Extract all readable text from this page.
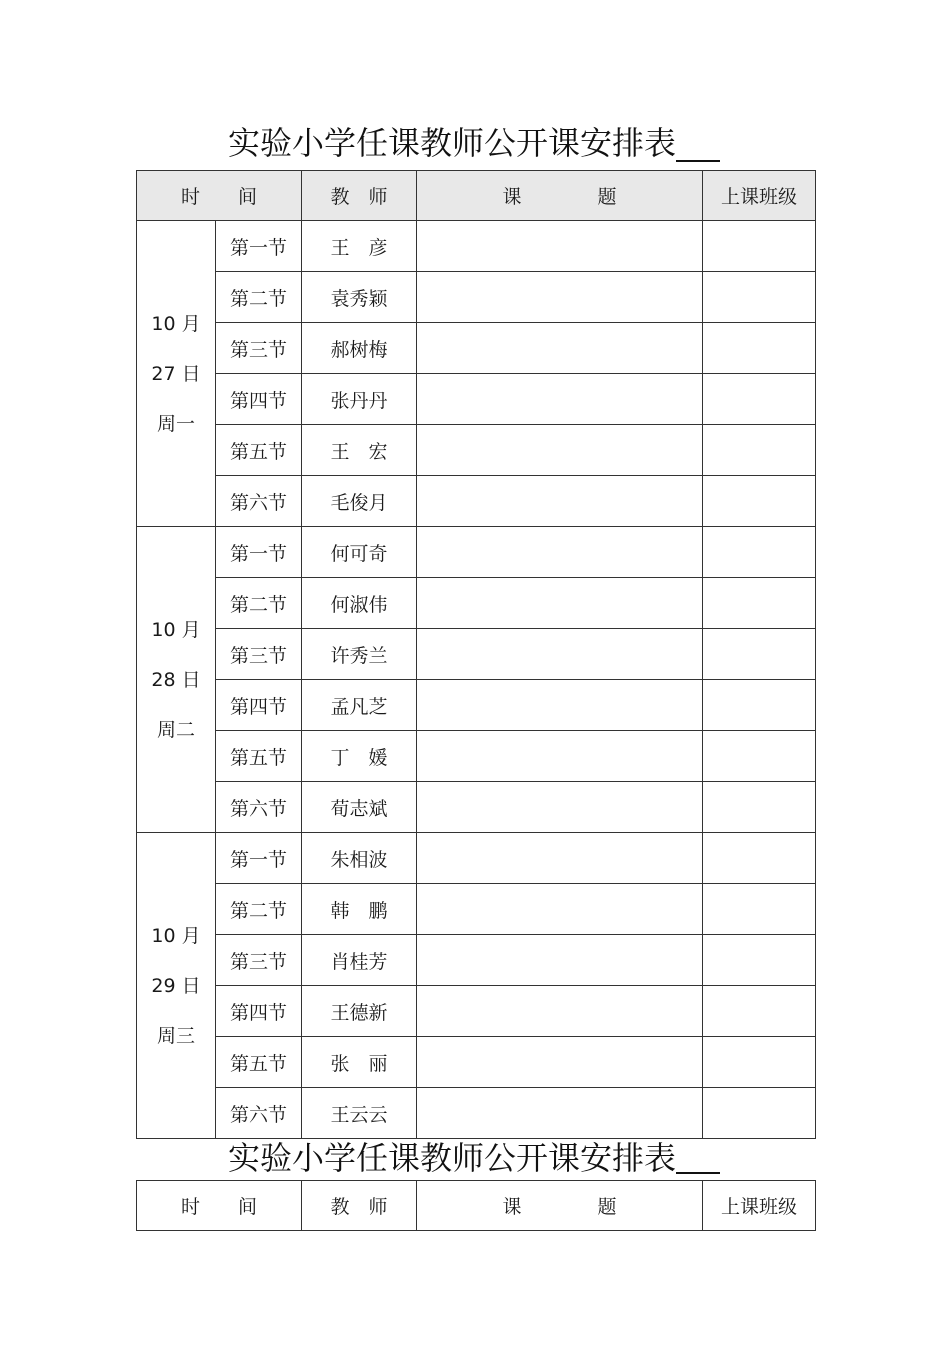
实验小学任课教师公开课安排表
时　　间		教　师	课　　　　题	上课班级

10 月
27 日
周一	第一节	王　彦		
	第二节	袁秀颖		
	第三节	郝树梅		
	第四节	张丹丹		
	第五节	王　宏		
	第六节	毛俊月		

10 月
28 日
周二	第一节	何可奇		
	第二节	何淑伟		
	第三节	许秀兰		
	第四节	孟凡芝		
	第五节	丁　媛		
	第六节	荀志斌		

10 月
29 日
周三	第一节	朱相波		
	第二节	韩　鹏		
	第三节	肖桂芳		
	第四节	王德新		
	第五节	张　丽		
	第六节	王云云		
实验小学任课教师公开课安排表
时　　间	教　师	课　　　　题	上课班级
